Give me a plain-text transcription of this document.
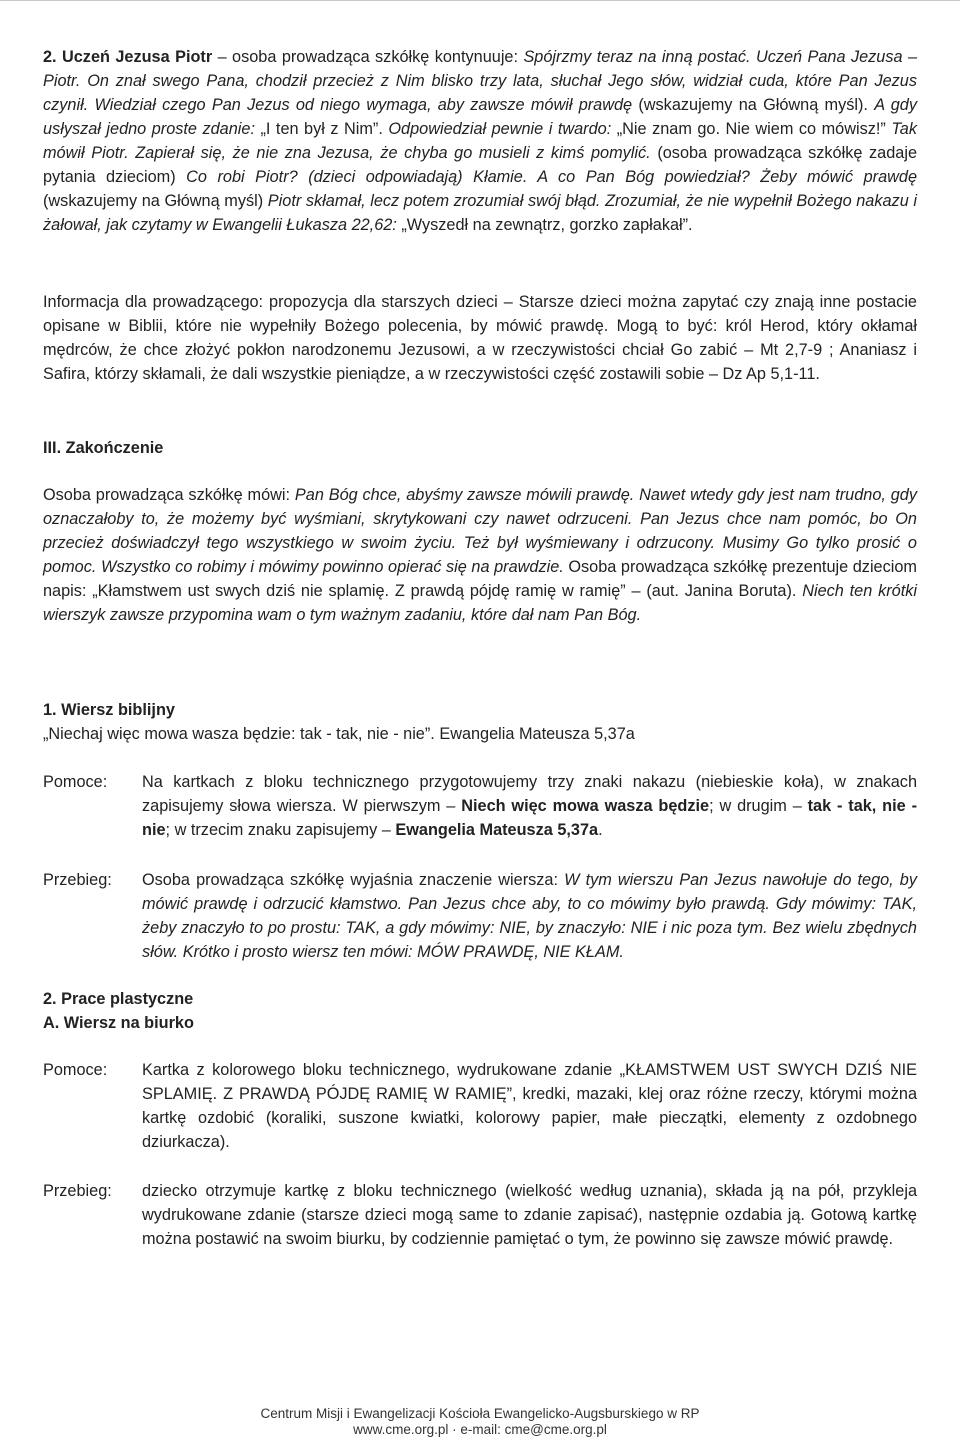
2. Uczeń Jezusa Piotr – osoba prowadząca szkółkę kontynuuje: Spójrzmy teraz na inną postać. Uczeń Pana Jezusa – Piotr. On znał swego Pana, chodził przecież z Nim blisko trzy lata, słuchał Jego słów, widział cuda, które Pan Jezus czynił. Wiedział czego Pan Jezus od niego wymaga, aby zawsze mówił prawdę (wskazujemy na Główną myśl). A gdy usłyszał jedno proste zdanie: „I ten był z Nim”. Odpowiedział pewnie i twardo: „Nie znam go. Nie wiem co mówisz!” Tak mówił Piotr. Zapierał się, że nie zna Jezusa, że chyba go musieli z kimś pomylić. (osoba prowadząca szkółkę zadaje pytania dzieciom) Co robi Piotr? (dzieci odpowiadają) Kłamie. A co Pan Bóg powiedział? Żeby mówić prawdę (wskazujemy na Główną myśl) Piotr skłamał, lecz potem zrozumiał swój błąd. Zrozumiał, że nie wypełnił Bożego nakazu i żałował, jak czytamy w Ewangelii Łukasza 22,62: „Wyszedł na zewnątrz, gorzko zapłakał”.

Informacja dla prowadzącego: propozycja dla starszych dzieci – Starsze dzieci można zapytać czy znają inne postacie opisane w Biblii, które nie wypełniły Bożego polecenia, by mówić prawdę. Mogą to być: król Herod, który okłamał mędrców, że chce złożyć pokłon narodzonemu Jezusowi, a w rzeczywistości chciał Go zabić – Mt 2,7-9 ; Ananiasz i Safira, którzy skłamali, że dali wszystkie pieniądze, a w rzeczywistości część zostawili sobie – Dz Ap 5,1-11.

III. Zakończenie

Osoba prowadząca szkółkę mówi: Pan Bóg chce, abyśmy zawsze mówili prawdę. Nawet wtedy gdy jest nam trudno, gdy oznaczałoby to, że możemy być wyśmiani, skrytykowani czy nawet odrzuceni. Pan Jezus chce nam pomóc, bo On przecież doświadczył tego wszystkiego w swoim życiu. Też był wyśmiewany i odrzucony. Musimy Go tylko prosić o pomoc. Wszystko co robimy i mówimy powinno opierać się na prawdzie. Osoba prowadząca szkółkę prezentuje dzieciom napis: „Kłamstwem ust swych dziś nie splamię. Z prawdą pójdę ramię w ramię” – (aut. Janina Boruta). Niech ten krótki wierszyk zawsze przypomina wam o tym ważnym zadaniu, które dał nam Pan Bóg.

1. Wiersz biblijny

„Niechaj więc mowa wasza będzie: tak - tak, nie - nie”. Ewangelia Mateusza 5,37a

Pomoce:	Na kartkach z bloku technicznego przygotowujemy trzy znaki nakazu (niebieskie koła), w znakach zapisujemy słowa wiersza. W pierwszym – Niech więc mowa wasza będzie; w drugim – tak - tak, nie - nie; w trzecim znaku zapisujemy – Ewangelia Mateusza 5,37a.
Przebieg:	Osoba prowadząca szkółkę wyjaśnia znaczenie wiersza: W tym wierszu Pan Jezus nawołuje do tego, by mówić prawdę i odrzucić kłamstwo. Pan Jezus chce aby, to co mówimy było prawdą. Gdy mówimy: TAK, żeby znaczyło to po prostu: TAK, a gdy mówimy: NIE, by znaczyło: NIE i nic poza tym. Bez wielu zbędnych słów. Krótko i prosto wiersz ten mówi: MÓW PRAWDĘ, NIE KŁAM.

2. Prace plastyczne

A. Wiersz na biurko

Pomoce:	Kartka z kolorowego bloku technicznego, wydrukowane zdanie „KŁAMSTWEM UST SWYCH DZIŚ NIE SPLAMIĘ. Z PRAWDĄ PÓJDĘ RAMIĘ W RAMIĘ”, kredki, mazaki, klej oraz różne rzeczy, którymi można kartkę ozdobić (koraliki, suszone kwiatki, kolorowy papier, małe pieczątki, elementy z ozdobnego dziurkacza).
Przebieg:	dziecko otrzymuje kartkę z bloku technicznego (wielkość według uznania), składa ją na pół, przykleja wydrukowane zdanie (starsze dzieci mogą same to zdanie zapisać), następnie ozdabia ją. Gotową kartkę można postawić na swoim biurku, by codziennie pamiętać o tym, że powinno się zawsze mówić prawdę.
Centrum Misji i Ewangelizacji Kościoła Ewangelicko-Augsburskiego w RP
www.cme.org.pl · e-mail: cme@cme.org.pl
